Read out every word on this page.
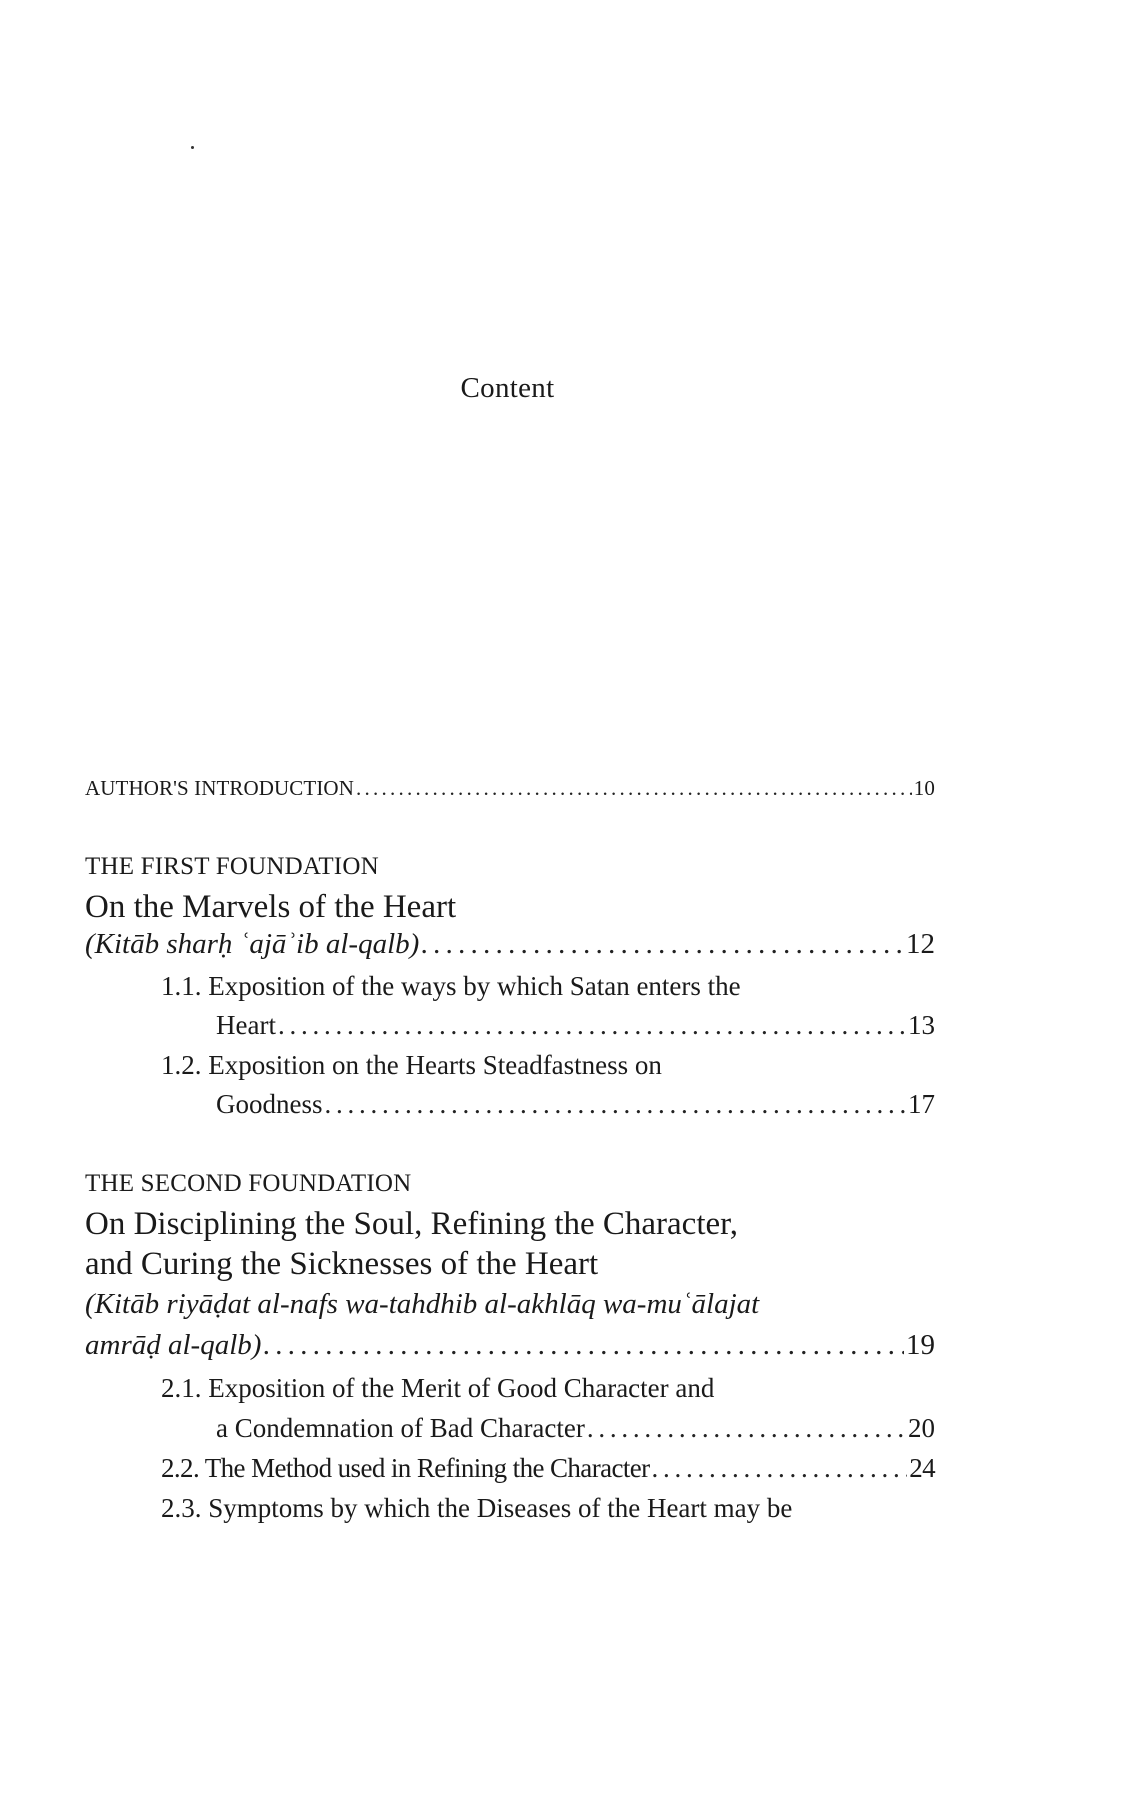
Content
AUTHOR'S INTRODUCTION . . .	10
THE FIRST FOUNDATION
On the Marvels of the Heart
(Kitāb sharḥ ʿajāʾib al-qalb) . . .	12
1.1. Exposition of the ways by which Satan enters the
Heart . . .	13
1.2. Exposition on the Hearts Steadfastness on
Goodness . . .	17
THE SECOND FOUNDATION
On Disciplining the Soul, Refining the Character,
and Curing the Sicknesses of the Heart
(Kitāb riyāḍat al-nafs wa-tahdhib al-akhlāq wa-muʿālajat
amrāḍ al-qalb) . . .	19
2.1. Exposition of the Merit of Good Character and
a Condemnation of Bad Character . . .	20
2.2. The Method used in Refining the Character . . .	24
2.3. Symptoms by which the Diseases of the Heart may be
